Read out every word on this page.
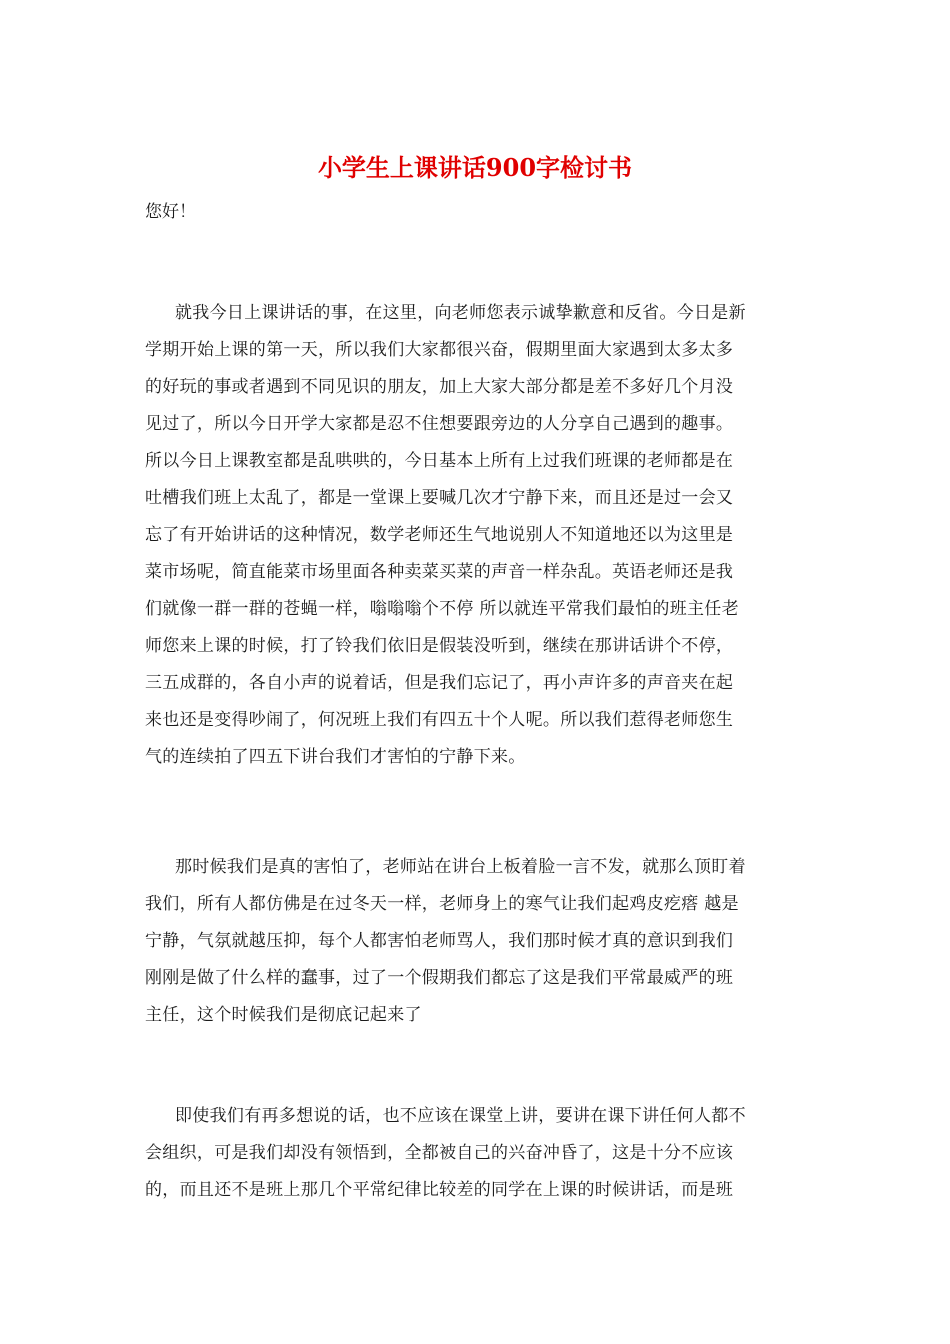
小学生上课讲话900字检讨书
您好！

就我今日上课讲话的事，在这里，向老师您表示诚挚歉意和反省。今日是新
学期开始上课的第一天，所以我们大家都很兴奋，假期里面大家遇到太多太多
的好玩的事或者遇到不同见识的朋友，加上大家大部分都是差不多好几个月没
见过了，所以今日开学大家都是忍不住想要跟旁边的人分享自己遇到的趣事。
所以今日上课教室都是乱哄哄的，今日基本上所有上过我们班课的老师都是在
吐槽我们班上太乱了，都是一堂课上要喊几次才宁静下来，而且还是过一会又
忘了有开始讲话的这种情况，数学老师还生气地说别人不知道地还以为这里是
菜市场呢，简直能菜市场里面各种卖菜买菜的声音一样杂乱。英语老师还是我
们就像一群一群的苍蝇一样，嗡嗡嗡个不停 所以就连平常我们最怕的班主任老
师您来上课的时候，打了铃我们依旧是假装没听到，继续在那讲话讲个不停，
三五成群的，各自小声的说着话，但是我们忘记了，再小声许多的声音夹在起
来也还是变得吵闹了，何况班上我们有四五十个人呢。所以我们惹得老师您生
气的连续拍了四五下讲台我们才害怕的宁静下来。

那时候我们是真的害怕了，老师站在讲台上板着脸一言不发，就那么顶盯着
我们，所有人都仿佛是在过冬天一样，老师身上的寒气让我们起鸡皮疙瘩 越是
宁静，气氛就越压抑，每个人都害怕老师骂人，我们那时候才真的意识到我们
刚刚是做了什么样的蠢事，过了一个假期我们都忘了这是我们平常最威严的班
主任，这个时候我们是彻底记起来了

即使我们有再多想说的话，也不应该在课堂上讲，要讲在课下讲任何人都不
会组织，可是我们却没有领悟到，全都被自己的兴奋冲昏了，这是十分不应该
的，而且还不是班上那几个平常纪律比较差的同学在上课的时候讲话，而是班
